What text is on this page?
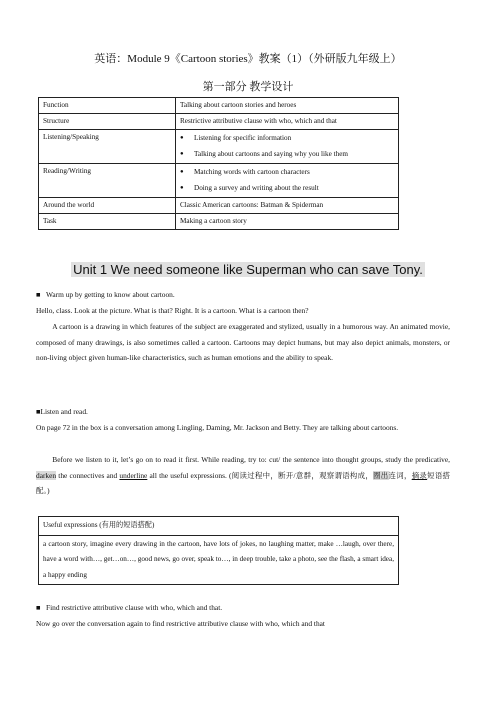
英语：Module 9《Cartoon stories》教案（1）（外研版九年级上）
第一部分 教学设计
Function	Talking about cartoon stories and heroes
Structure	Restrictive attributive clause with who, which and that
Listening/Speaking	● Listening for specific information
● Talking about cartoons and saying why you like them

Reading/Writing	● Matching words with cartoon characters
● Doing a survey and writing about the result

Around the world	Classic American cartoons: Batman & Spiderman
Task	Making a cartoon story
Unit 1 We need someone like Superman who can save Tony.
■ Warm up by getting to know about cartoon.
Hello, class. Look at the picture. What is that? Right. It is a cartoon. What is a cartoon then?
A cartoon is a drawing in which features of the subject are exaggerated and stylized, usually in a humorous way. An animated movie, composed of many drawings, is also sometimes called a cartoon. Cartoons may depict humans, but may also depict animals, monsters, or non-living object given human-like characteristics, such as human emotions and the ability to speak.
■Listen and read.
On page 72 in the box is a conversation among Lingling, Daming, Mr. Jackson and Betty. They are talking about cartoons.
Before we listen to it, let’s go on to read it first. While reading, try to: cut/ the sentence into thought groups, study the predicative, darken the connectives and underline all the useful expressions. (阅读过程中，断开/意群，观察谓语构成，圈出连词，摘录短语搭配。)
Useful expressions (有用的短语搭配)
a cartoon story, imagine every drawing in the cartoon, have lots of jokes, no laughing matter, make …laugh, over there, have a word with…, get…on…, good news, go over, speak to…, in deep trouble, take a photo, see the flash, a smart idea, a happy ending
■ Find restrictive attributive clause with who, which and that.
Now go over the conversation again to find restrictive attributive clause with who, which and that
